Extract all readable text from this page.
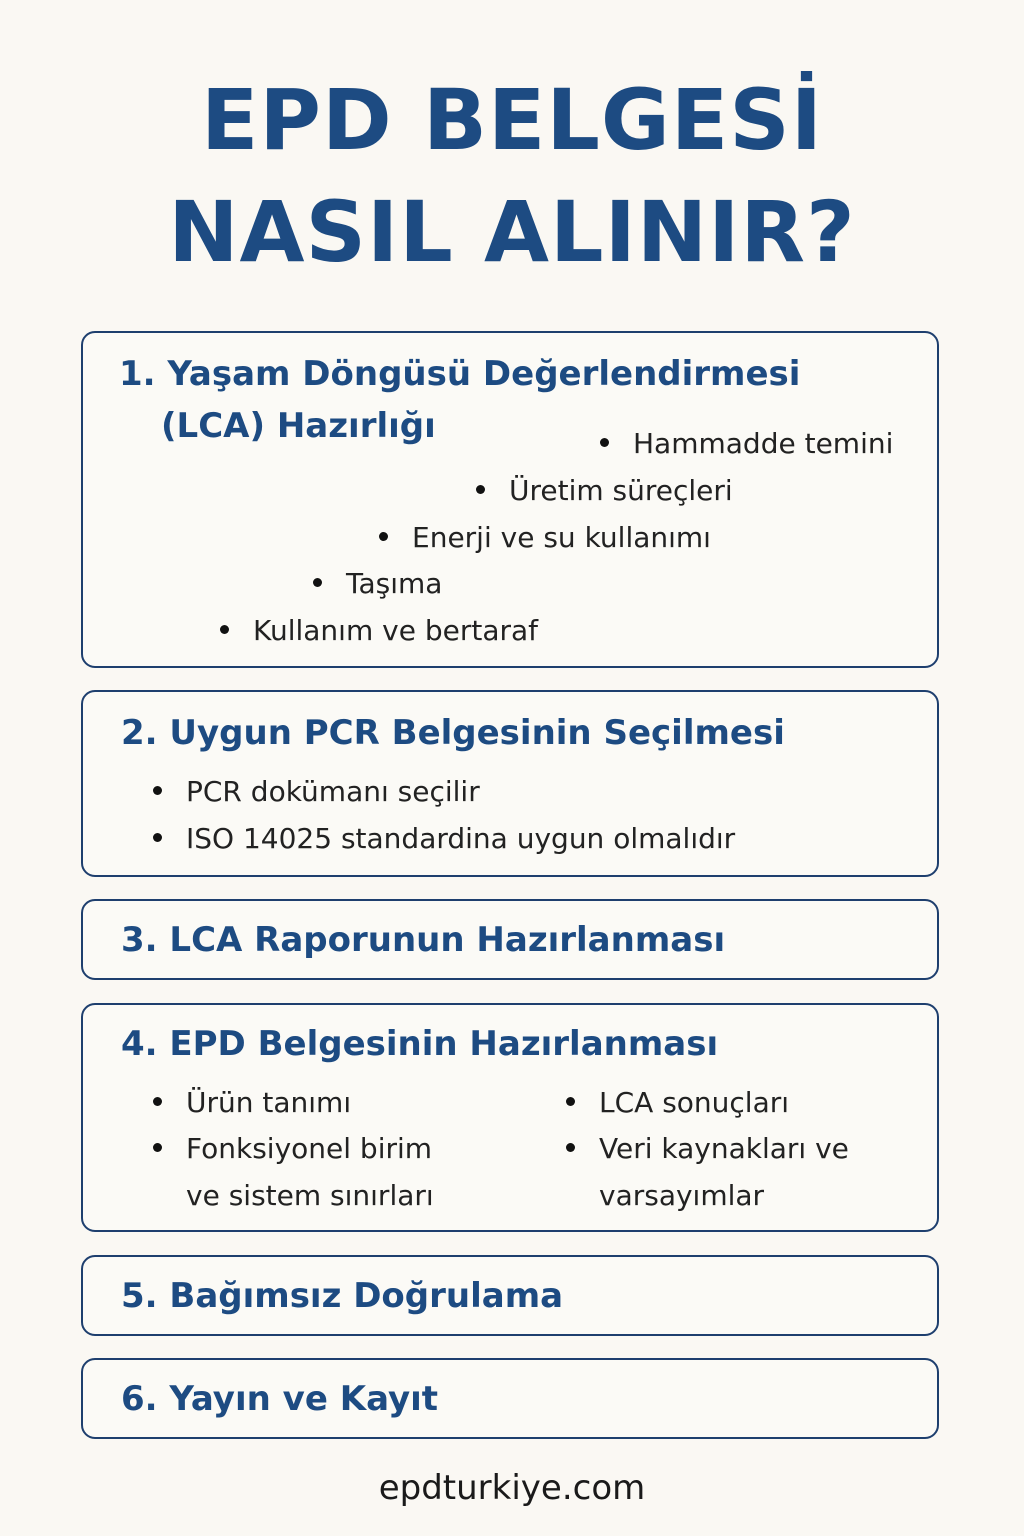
EPD BELGESİ
NASIL ALINIR?
1. Yaşam Döngüsü Değerlendirmesi
(LCA) Hazırlığı	Hammadde temini
Üretim süreçleri
Enerji ve su kullanımı
Taşıma
Kullanım ve bertaraf
2. Uygun PCR Belgesinin Seçilmesi
PCR dokümanı seçilir
ISO 14025 standardina uygun olmalıdır
3. LCA Raporunun Hazırlanması
4. EPD Belgesinin Hazırlanması
Ürün tanımı
Fonksiyonel birim
ve sistem sınırları
LCA sonuçları
Veri kaynakları ve
varsayımlar
5. Bağımsız Doğrulama
6. Yayın ve Kayıt
epdturkiye.com
